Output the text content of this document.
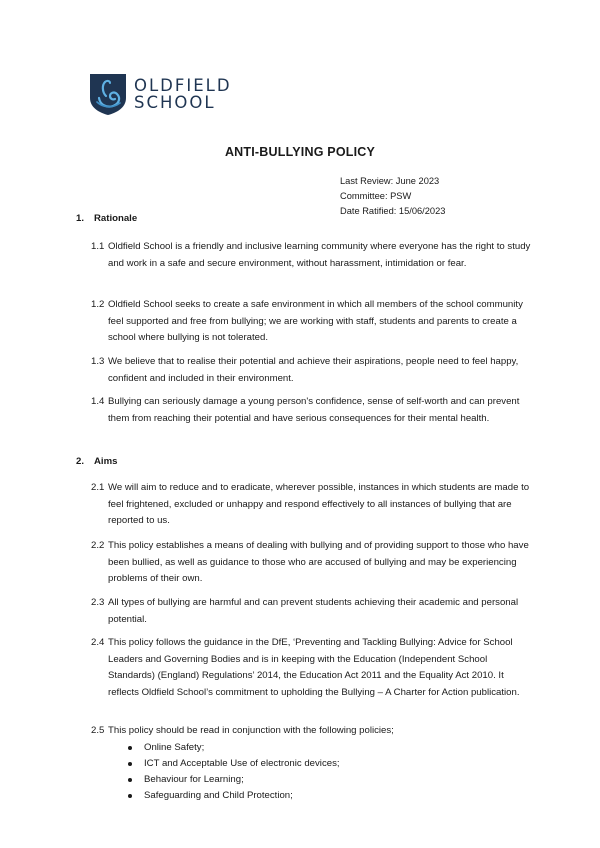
OLDFIELD
SCHOOL
ANTI-BULLYING POLICY
Last Review: June 2023
Committee: PSW
Date Ratified: 15/06/2023
1. Rationale
1.1 Oldfield School is a friendly and inclusive learning community where everyone has the right to study and work in a safe and secure environment, without harassment, intimidation or fear.
1.2 Oldfield School seeks to create a safe environment in which all members of the school community feel supported and free from bullying; we are working with staff, students and parents to create a school where bullying is not tolerated.
1.3 We believe that to realise their potential and achieve their aspirations, people need to feel happy, confident and included in their environment.
1.4 Bullying can seriously damage a young person's confidence, sense of self-worth and can prevent them from reaching their potential and have serious consequences for their mental health.
2. Aims
2.1 We will aim to reduce and to eradicate, wherever possible, instances in which students are made to feel frightened, excluded or unhappy and respond effectively to all instances of bullying that are reported to us.
2.2 This policy establishes a means of dealing with bullying and of providing support to those who have been bullied, as well as guidance to those who are accused of bullying and may be experiencing problems of their own.
2.3 All types of bullying are harmful and can prevent students achieving their academic and personal potential.
2.4 This policy follows the guidance in the DfE, ‘Preventing and Tackling Bullying: Advice for School Leaders and Governing Bodies and is in keeping with the Education (Independent School Standards) (England) Regulations’ 2014, the Education Act 2011 and the Equality Act 2010. It reflects Oldfield School’s commitment to upholding the Bullying – A Charter for Action publication.
2.5 This policy should be read in conjunction with the following policies;
Online Safety;
ICT and Acceptable Use of electronic devices;
Behaviour for Learning;
Safeguarding and Child Protection;
